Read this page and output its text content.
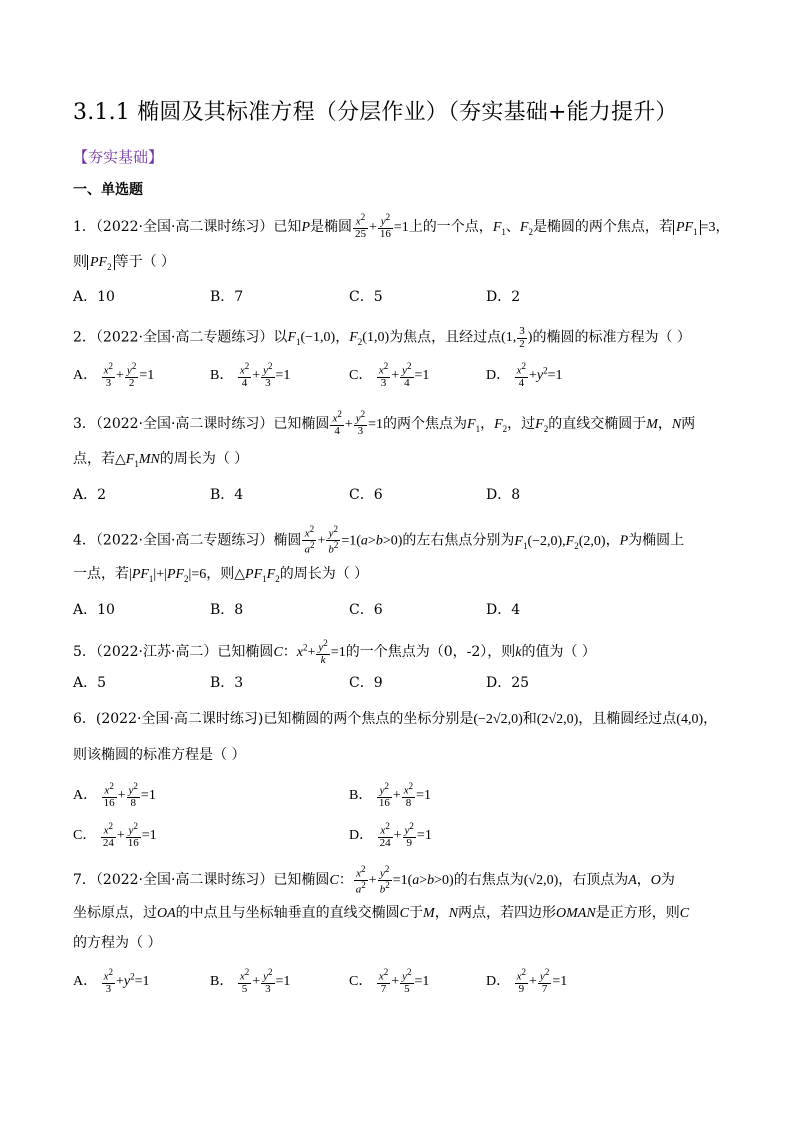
3.1.1 椭圆及其标准方程（分层作业）（夯实基础+能力提升）
【夯实基础】
一、单选题
1．（2022·全国·高二课时练习）已知P是椭圆 $\frac{x^2}{25} + \frac{y^2}{16} =1$上的一个点，$F_1$、$F_2$是椭圆的两个焦点，若 $PF_1 =3$，
则 $PF_2$ 等于（ ）
A．10	B．7	C．5	D．2
2．（2022·全国·高二专题练习）以$F_1(-1,0)$，$F_2(1,0)$为焦点，且经过点(1, $\frac{3}{2}$ )的椭圆的标准方程为（ ）
A． $\frac{x^2}{3} + \frac{y^2}{2} =1$	B． $\frac{x^2}{4} + \frac{y^2}{3} =1$	C． $\frac{x^2}{3} + \frac{y^2}{4} =1$	D． $\frac{x^2}{4} +y^2=1$
3．（2022·全国·高二课时练习）已知椭圆 $\frac{x^2}{4} + \frac{y^2}{3} =1$的两个焦点为$F_1$，$F_2$，过$F_2$的直线交椭圆于M，N两
点，若$\triangle F_1MN$的周长为（ ）
A．2	B．4	C．6	D．8
4．（2022·全国·高二专题练习）椭圆 $\frac{x^2}{a^2} + \frac{y^2}{b^2} =1(a>b>0)$的左右焦点分别为$F_1(-2,0),F_2(2,0)$，P为椭圆上
一点，若$|PF_1|+|PF_2|=6$，则$\triangle PF_1F_2$的周长为（ ）
A．10	B．8	C．6	D．4
5．（2022·江苏·高二）已知椭圆C：$x^2+ \frac{y^2}{k} =1$的一个焦点为（0，-2），则k的值为（ ）
A．5	B．3	C．9	D．25
6．(2022·全国·高二课时练习)已知椭圆的两个焦点的坐标分别是(−2√2,0)和(2√2,0)，且椭圆经过点(4,0)，
则该椭圆的标准方程是（ ）
A． $\frac{x^2}{16} + \frac{y^2}{8} =1$	B． $\frac{y^2}{16} + \frac{x^2}{8} =1$
C． $\frac{x^2}{24} + \frac{y^2}{16} =1$	D． $\frac{x^2}{24} + \frac{y^2}{9} =1$
7．（2022·全国·高二课时练习）已知椭圆C： $\frac{x^2}{a^2} + \frac{y^2}{b^2} =1(a>b>0)$的右焦点为(√2,0)，右顶点为A，O为
坐标原点，过OA的中点且与坐标轴垂直的直线交椭圆C于M，N两点，若四边形OMAN是正方形，则C
的方程为（ ）
A． $\frac{x^2}{3} +y^2=1$	B． $\frac{x^2}{5} + \frac{y^2}{3} =1$	C． $\frac{x^2}{7} + \frac{y^2}{5} =1$	D． $\frac{x^2}{9} + \frac{y^2}{7} =1$
